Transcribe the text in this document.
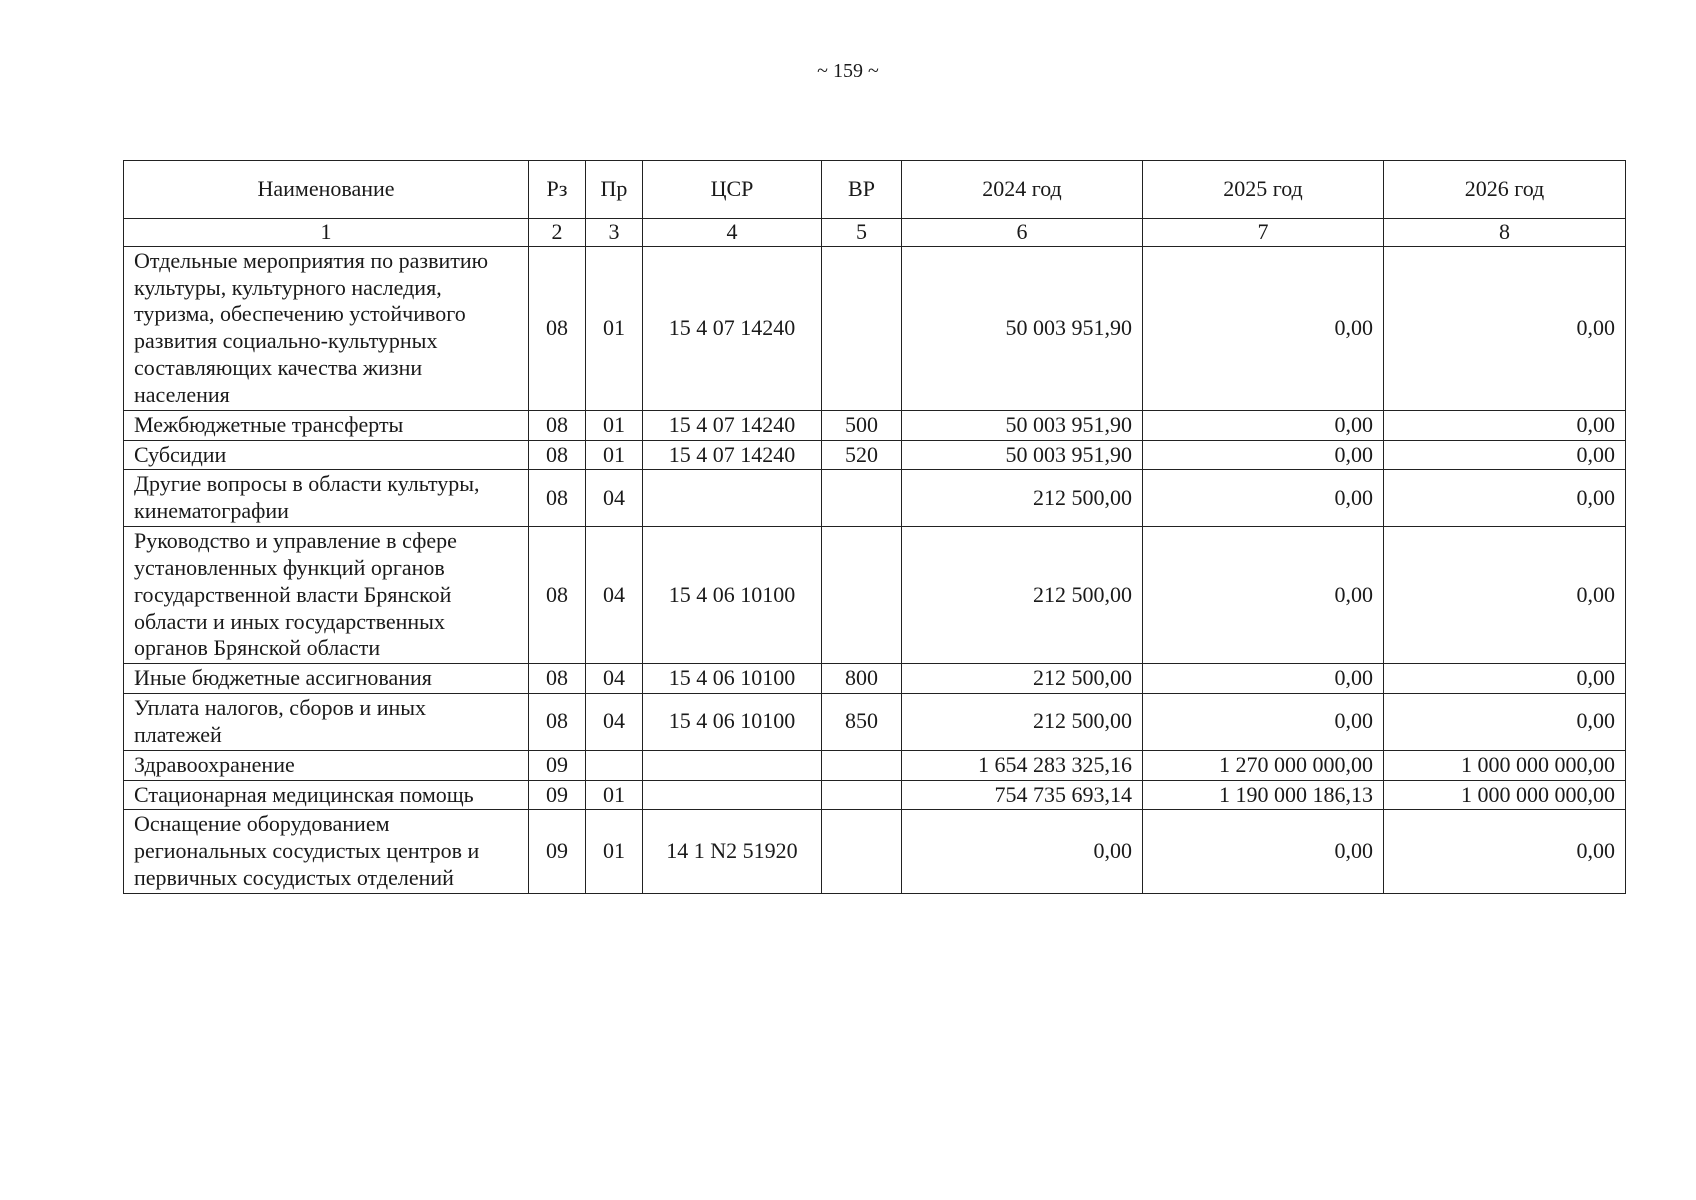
~ 159 ~
Наименование	Рз	Пр	ЦСР	ВР	2024 год	2025 год	2026 год
1	2	3	4	5	6	7	8
Отдельные мероприятия по развитию культуры, культурного наследия, туризма, обеспечению устойчивого развития социально-культурных составляющих качества жизни населения	08	01	15 4 07 14240		50 003 951,90	0,00	0,00
Межбюджетные трансферты	08	01	15 4 07 14240	500	50 003 951,90	0,00	0,00
Субсидии	08	01	15 4 07 14240	520	50 003 951,90	0,00	0,00
Другие вопросы в области культуры, кинематографии	08	04			212 500,00	0,00	0,00
Руководство и управление в сфере установленных функций органов государственной власти Брянской области и иных государственных органов Брянской области	08	04	15 4 06 10100		212 500,00	0,00	0,00
Иные бюджетные ассигнования	08	04	15 4 06 10100	800	212 500,00	0,00	0,00
Уплата налогов, сборов и иных платежей	08	04	15 4 06 10100	850	212 500,00	0,00	0,00
Здравоохранение	09				1 654 283 325,16	1 270 000 000,00	1 000 000 000,00
Стационарная медицинская помощь	09	01			754 735 693,14	1 190 000 186,13	1 000 000 000,00
Оснащение оборудованием региональных сосудистых центров и первичных сосудистых отделений	09	01	14 1 N2 51920		0,00	0,00	0,00
